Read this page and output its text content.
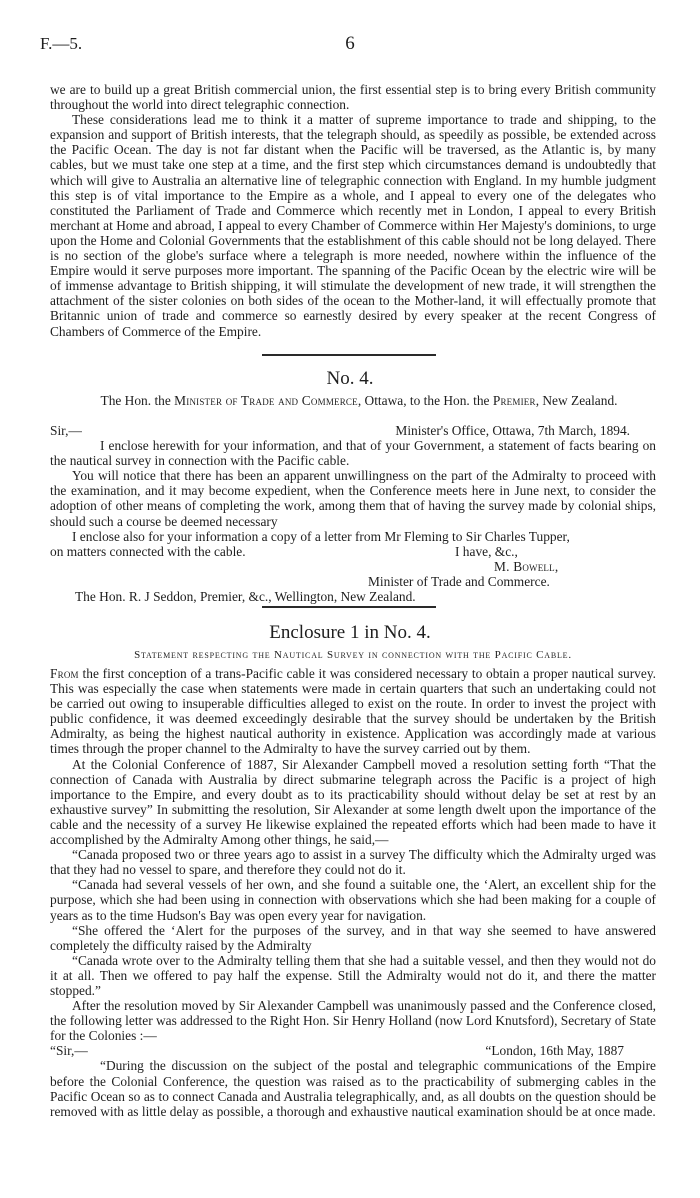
F.—5.	6

we are to build up a great British commercial union, the first essential step is to bring every British community throughout the world into direct telegraphic connection.

These considerations lead me to think it a matter of supreme importance to trade and shipping, to the expansion and support of British interests, that the telegraph should, as speedily as possible, be extended across the Pacific Ocean. The day is not far distant when the Pacific will be traversed, as the Atlantic is, by many cables, but we must take one step at a time, and the first step which circumstances demand is undoubtedly that which will give to Australia an alternative line of telegraphic connection with England. In my humble judgment this step is of vital importance to the Empire as a whole, and I appeal to every one of the delegates who constituted the Parliament of Trade and Commerce which recently met in London, I appeal to every British merchant at Home and abroad, I appeal to every Chamber of Commerce within Her Majesty's dominions, to urge upon the Home and Colonial Governments that the establishment of this cable should not be long delayed. There is no section of the globe's surface where a telegraph is more needed, nowhere within the influence of the Empire would it serve purposes more important. The spanning of the Pacific Ocean by the electric wire will be of immense advantage to British shipping, it will stimulate the development of new trade, it will strengthen the attachment of the sister colonies on both sides of the ocean to the Mother-land, it will effectually promote that Britannic union of trade and commerce so earnestly desired by every speaker at the recent Congress of Chambers of Commerce of the Empire.

No. 4.
The Hon. the Minister of Trade and Commerce, Ottawa, to the Hon. the Premier, New Zealand.
Sir,—	Minister's Office, Ottawa, 7th March, 1894.

I enclose herewith for your information, and that of your Government, a statement of facts bearing on the nautical survey in connection with the Pacific cable.

You will notice that there has been an apparent unwillingness on the part of the Admiralty to proceed with the examination, and it may become expedient, when the Conference meets here in June next, to consider the adoption of other means of completing the work, among them that of having the survey made by colonial ships, should such a course be deemed necessary

I enclose also for your information a copy of a letter from Mr Fleming to Sir Charles Tupper,
on matters connected with the cable.	I have, &c.,
M. Bowell,
Minister of Trade and Commerce.
The Hon. R. J Seddon, Premier, &c., Wellington, New Zealand.
Enclosure 1 in No. 4.
Statement respecting the Nautical Survey in connection with the Pacific Cable.

From the first conception of a trans-Pacific cable it was considered necessary to obtain a proper nautical survey. This was especially the case when statements were made in certain quarters that such an undertaking could not be carried out owing to insuperable difficulties alleged to exist on the route. In order to invest the project with public confidence, it was deemed exceedingly desirable that the survey should be undertaken by the British Admiralty, as being the highest nautical authority in existence. Application was accordingly made at various times through the proper channel to the Admiralty to have the survey carried out by them.

At the Colonial Conference of 1887, Sir Alexander Campbell moved a resolution setting forth “That the connection of Canada with Australia by direct submarine telegraph across the Pacific is a project of high importance to the Empire, and every doubt as to its practicability should without delay be set at rest by an exhaustive survey” In submitting the resolution, Sir Alexander at some length dwelt upon the importance of the cable and the necessity of a survey He likewise explained the repeated efforts which had been made to have it accomplished by the Admiralty Among other things, he said,—

“Canada proposed two or three years ago to assist in a survey The difficulty which the Admiralty urged was that they had no vessel to spare, and therefore they could not do it.

“Canada had several vessels of her own, and she found a suitable one, the ‘Alert, an excellent ship for the purpose, which she had been using in connection with observations which she had been making for a couple of years as to the time Hudson's Bay was open every year for navigation.

“She offered the ‘Alert for the purposes of the survey, and in that way she seemed to have answered completely the difficulty raised by the Admiralty

“Canada wrote over to the Admiralty telling them that she had a suitable vessel, and then they would not do it at all. Then we offered to pay half the expense. Still the Admiralty would not do it, and there the matter stopped.”

After the resolution moved by Sir Alexander Campbell was unanimously passed and the Conference closed, the following letter was addressed to the Right Hon. Sir Henry Holland (now Lord Knutsford), Secretary of State for the Colonies :—

“Sir,—	“London, 16th May, 1887

“During the discussion on the subject of the postal and telegraphic communications of the Empire before the Colonial Conference, the question was raised as to the practicability of submerging cables in the Pacific Ocean so as to connect Canada and Australia telegraphically, and, as all doubts on the question should be removed with as little delay as possible, a thorough and exhaustive nautical examination should be at once made.
